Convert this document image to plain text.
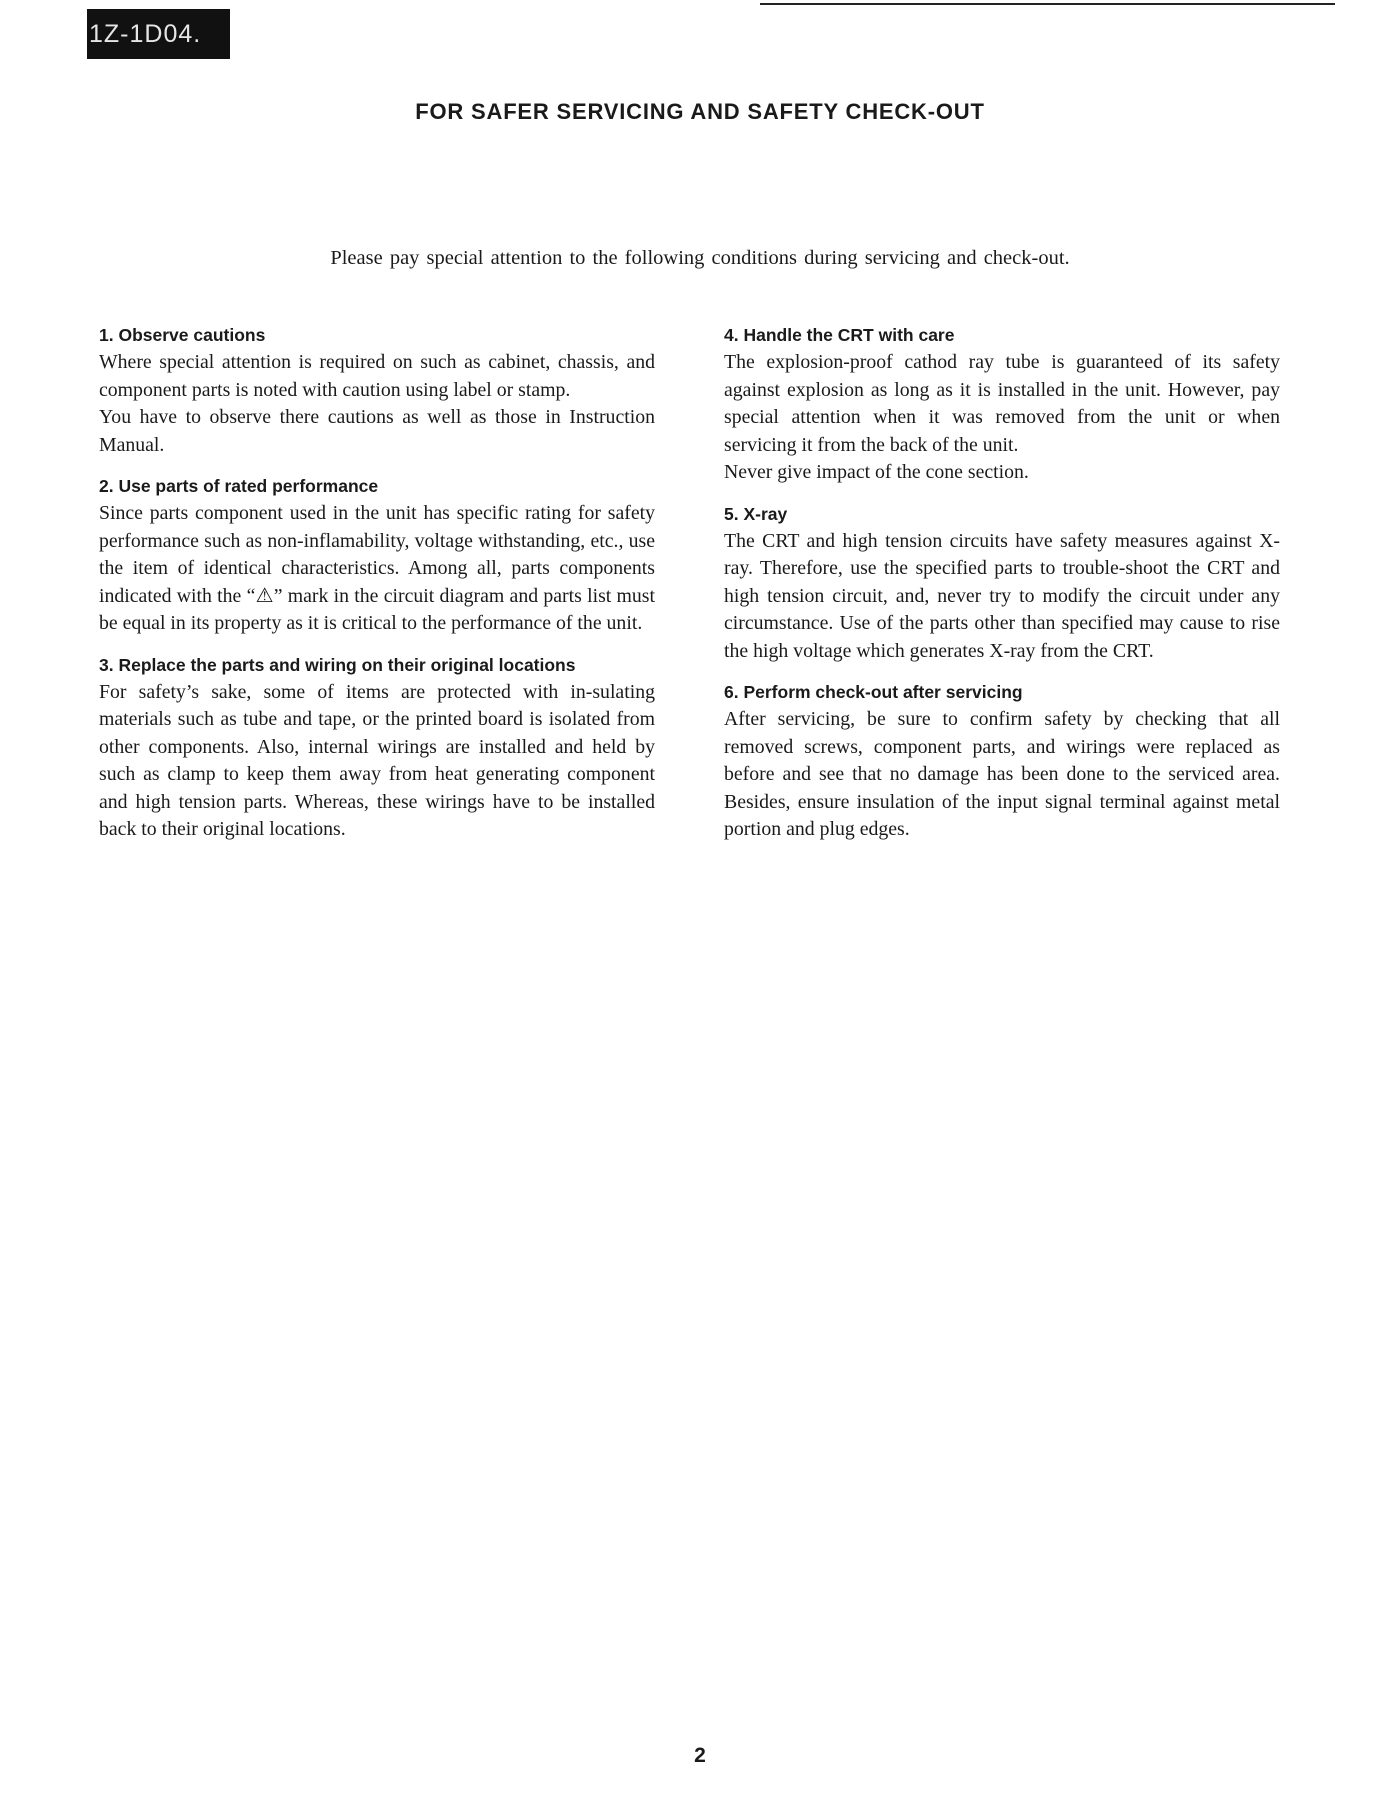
1Z-1D04.
FOR SAFER SERVICING AND SAFETY CHECK-OUT

Please pay special attention to the following conditions during servicing and check-out.

1. Observe cautions

Where special attention is required on such as cabinet, chassis, and component parts is noted with caution using label or stamp.

You have to observe there cautions as well as those in Instruction Manual.

2. Use parts of rated performance

Since parts component used in the unit has specific rating for safety performance such as non-inflamability, voltage withstanding, etc., use the item of identical characteristics. Among all, parts components indicated with the “⚠” mark in the circuit diagram and parts list must be equal in its property as it is critical to the performance of the unit.

3. Replace the parts and wiring on their original locations

For safety’s sake, some of items are protected with in-sulating materials such as tube and tape, or the printed board is isolated from other components. Also, internal wirings are installed and held by such as clamp to keep them away from heat generating component and high tension parts. Whereas, these wirings have to be installed back to their original locations.

4. Handle the CRT with care

The explosion-proof cathod ray tube is guaranteed of its safety against explosion as long as it is installed in the unit. However, pay special attention when it was removed from the unit or when servicing it from the back of the unit.

Never give impact of the cone section.

5. X-ray

The CRT and high tension circuits have safety measures against X-ray. Therefore, use the specified parts to trouble-shoot the CRT and high tension circuit, and, never try to modify the circuit under any circumstance. Use of the parts other than specified may cause to rise the high voltage which generates X-ray from the CRT.

6. Perform check-out after servicing

After servicing, be sure to confirm safety by checking that all removed screws, component parts, and wirings were replaced as before and see that no damage has been done to the serviced area. Besides, ensure insulation of the input signal terminal against metal portion and plug edges.

2
